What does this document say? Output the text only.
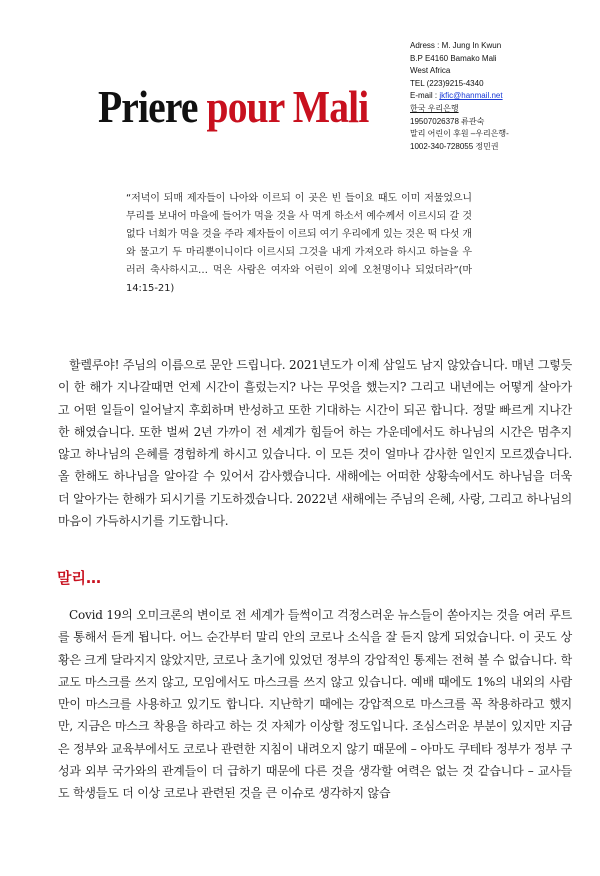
Priere pour Mali
Adress : M. Jung In Kwun
B.P E4160 Bamako Mali
West Africa
TEL (223)9215-4340
E-mail : jkfic@hanmail.net
한국 우리은행
19507026378 류관숙
말리 어린이 후원 –우리은행-
1002-340-728055 정민권
“저녁이 되매 제자들이 나아와 이르되 이 곳은 빈 들이요 때도 이미 저물었으니 무리를 보내어 마을에 들어가 먹을 것을 사 먹게 하소서 예수께서 이르시되 갈 것 없다 너희가 먹을 것을 주라 제자들이 이르되 여기 우리에게 있는 것은 떡 다섯 개와 물고기 두 마리뿐이니이다 이르시되 그것을 내게 가져오라 하시고 하늘을 우러러 축사하시고… 먹은 사람은 여자와 어린이 외에 오천명이나 되었더라”(마 14:15-21)
할렐루야! 주님의 이름으로 문안 드립니다. 2021년도가 이제 삼일도 남지 않았습니다. 매년 그렇듯이 한 해가 지나갈때면 언제 시간이 흘렀는지? 나는 무엇을 했는지? 그리고 내년에는 어떻게 살아가고 어떤 일들이 일어날지 후회하며 반성하고 또한 기대하는 시간이 되곤 합니다. 정말 빠르게 지나간 한 해였습니다. 또한 벌써 2년 가까이 전 세계가 힘들어 하는 가운데에서도 하나님의 시간은 멈추지 않고 하나님의 은혜를 경험하게 하시고 있습니다. 이 모든 것이 얼마나 감사한 일인지 모르겠습니다. 올 한해도 하나님을 알아갈 수 있어서 감사했습니다. 새해에는 어떠한 상황속에서도 하나님을 더욱 더 알아가는 한해가 되시기를 기도하겠습니다. 2022년 새해에는 주님의 은혜, 사랑, 그리고 하나님의 마음이 가득하시기를 기도합니다.
말리…
Covid 19의 오미크론의 변이로 전 세계가 들썩이고 걱정스러운 뉴스들이 쏟아지는 것을 여러 루트를 통해서 듣게 됩니다. 어느 순간부터 말리 안의 코로나 소식을 잘 듣지 않게 되었습니다. 이 곳도 상황은 크게 달라지지 않았지만, 코로나 초기에 있었던 정부의 강압적인 통제는 전혀 볼 수 없습니다. 학교도 마스크를 쓰지 않고, 모임에서도 마스크를 쓰지 않고 있습니다. 예배 때에도 1%의 내외의 사람만이 마스크를 사용하고 있기도 합니다. 지난학기 때에는 강압적으로 마스크를 꼭 착용하라고 했지만, 지금은 마스크 착용을 하라고 하는 것 자체가 이상할 정도입니다. 조심스러운 부분이 있지만 지금은 정부와 교육부에서도 코로나 관련한 지침이 내려오지 않기 때문에 – 아마도 쿠테타 정부가 정부 구성과 외부 국가와의 관계들이 더 급하기 때문에 다른 것을 생각할 여력은 없는 것 같습니다 – 교사들도 학생들도 더 이상 코로나 관련된 것을 큰 이슈로 생각하지 않습
